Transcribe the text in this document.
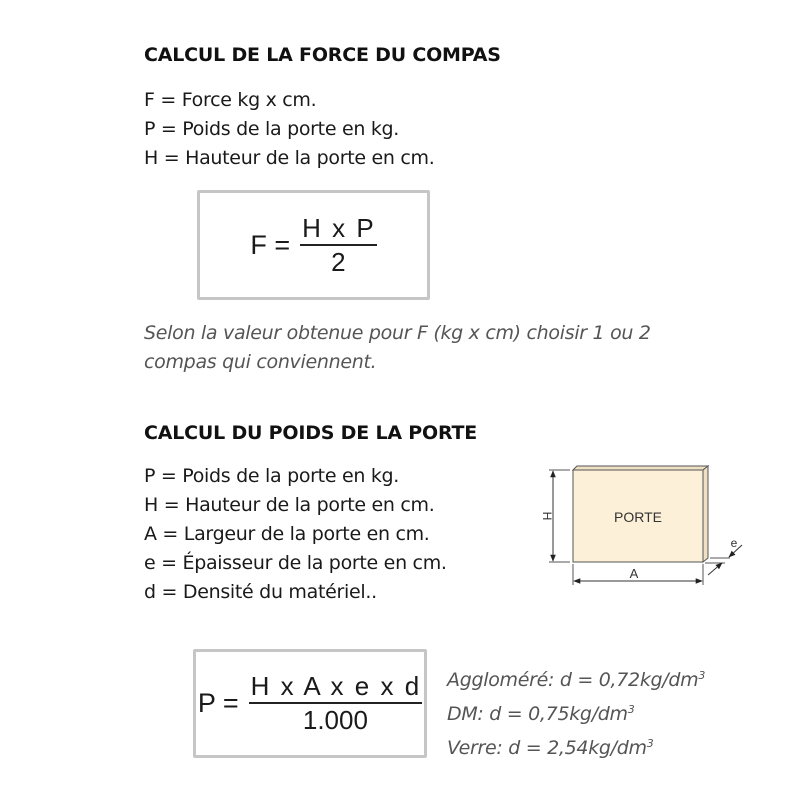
CALCUL DE LA FORCE DU COMPAS
F = Force kg x cm.
P = Poids de la porte en kg.
H = Hauteur de la porte en cm.
$F = \frac{\text{H x P}}{2}$
Selon la valeur obtenue pour F (kg x cm) choisir 1 ou 2
compas qui conviennent.
CALCUL DU POIDS DE LA PORTE
P = Poids de la porte en kg.
H = Hauteur de la porte en cm.
A = Largeur de la porte en cm.
e = Épaisseur de la porte en cm.
d = Densité du matériel..
PORTE
H
A
e
$P = \frac{\text{H x A x e x d}}{1.000}$ Aggloméré: $d = 0,72kg/dm^3$
DM: $d = 0,75kg/dm^3$
Verre: $d = 2,54kg/dm^3$
